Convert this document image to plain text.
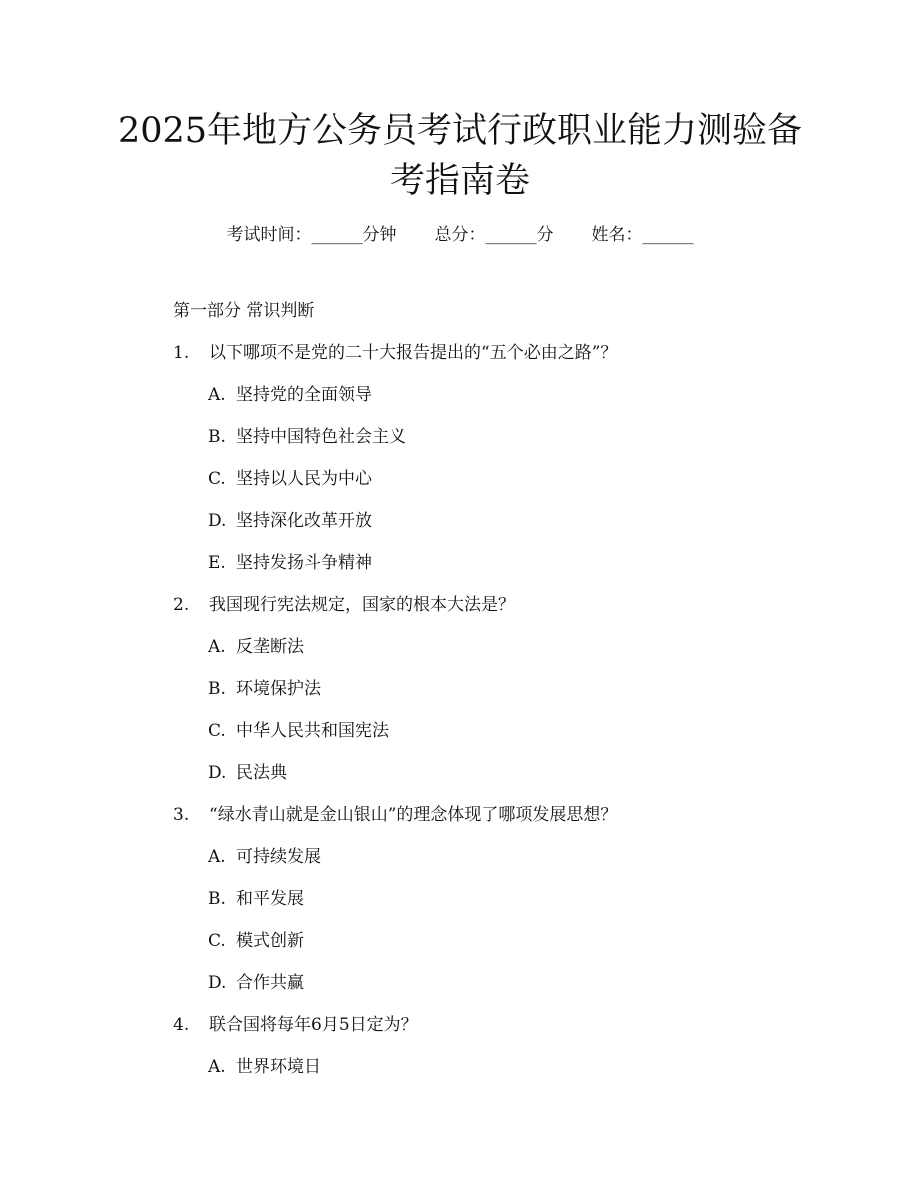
2025年地方公务员考试行政职业能力测验备
考指南卷
考试时间：______分钟 总分：______分 姓名：______
第一部分 常识判断
1.	以下哪项不是党的二十大报告提出的“五个必由之路”？
A. 坚持党的全面领导
B. 坚持中国特色社会主义
C. 坚持以人民为中心
D. 坚持深化改革开放
E. 坚持发扬斗争精神
2.	我国现行宪法规定，国家的根本大法是？
A. 反垄断法
B. 环境保护法
C. 中华人民共和国宪法
D. 民法典
3.	“绿水青山就是金山银山”的理念体现了哪项发展思想？
A. 可持续发展
B. 和平发展
C. 模式创新
D. 合作共赢
4.	联合国将每年6月5日定为？
A. 世界环境日
